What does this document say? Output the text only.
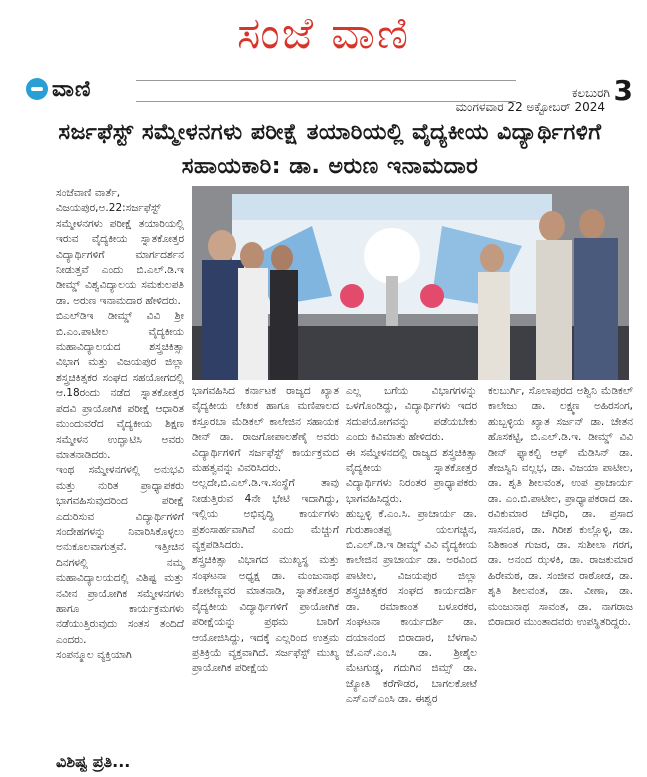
ಸಂಜೆ ವಾಣಿ
ವಾಣಿ	ಕಲಬುರಗಿ 3
ಮಂಗಳವಾರ 22 ಅಕ್ಟೋಬರ್ 2024
ಸರ್ಜಫೆಸ್ಟ್ ಸಮ್ಮೇಳನಗಳು ಪರೀಕ್ಷೆ ತಯಾರಿಯಲ್ಲಿ ವೈದ್ಯಕೀಯ ವಿದ್ಯಾರ್ಥಿಗಳಿಗೆ ಸಹಾಯಕಾರಿ: ಡಾ. ಅರುಣ ಇನಾಮದಾರ
ಸಂಜೆವಾಣಿ ವಾರ್ತೆ,
ವಿಜಯಪುರ,ಅ.22:ಸರ್ಜಫೆಸ್ಟ್ ಸಮ್ಮೇಳನಗಳು ಪರೀಕ್ಷೆ ತಯಾರಿಯಲ್ಲಿ ಇರುವ ವೈದ್ಯಕೀಯ ಸ್ನಾತಕೋತ್ತರ ವಿದ್ಯಾರ್ಥಿಗಳಿಗೆ ಮಾರ್ಗದರ್ಶನ ನೀಡುತ್ತವೆ ಎಂದು ಬಿ.ಎಲ್.ಡಿ.ಇ ಡೀಮ್ಡ್ ವಿಶ್ವವಿದ್ಯಾಲಯ ಸಮಕುಲಪತಿ ಡಾ. ಅರುಣ ಇನಾಮದಾರ ಹೇಳಿದರು.
ಬಿಎಲ್‌ಡಿಇ ಡೀಮ್ಡ್ ವಿವಿ ಶ್ರೀ ಬಿ.ಎಂ.ಪಾಟೀಲ ವೈದ್ಯಕೀಯ ಮಹಾವಿದ್ಯಾಲಯದ ಶಸ್ತ್ರಚಿಕಿತ್ಸಾ ವಿಭಾಗ ಮತ್ತು ವಿಜಯಪುರ ಜಿಲ್ಲಾ ಶಸ್ತ್ರಚಿಕಿತ್ಸಕರ ಸಂಘದ ಸಹಯೋಗದಲ್ಲಿ ಆ.18ರಂದು ನಡೆದ ಸ್ನಾತಕೋತ್ತರ ಪದವಿ ಪ್ರಾಯೋಗಿಕ ಪರೀಕ್ಷೆ ಆಧಾರಿತ ಮುಂದುವರೆದ ವೈದ್ಯಕೀಯ ಶಿಕ್ಷಣ ಸಮ್ಮೇಳನ ಉದ್ಘಾಟಿಸಿ ಅವರು ಮಾತನಾಡಿದರು.
ಇಂಥ ಸಮ್ಮೇಳನಗಳಲ್ಲಿ ಅನುಭವಿ ಮತ್ತು ನುರಿತ ಪ್ರಾಧ್ಯಾಪಕರು ಭಾಗವಹಿಸುವುದರಿಂದ ಪರೀಕ್ಷೆ ಎದುರಿಸುವ ವಿದ್ಯಾರ್ಥಿಗಳಿಗೆ ಸಂದೇಹಗಳನ್ನು ನಿವಾರಿಸಿಕೊಳ್ಳಲು ಅನುಕೂಲವಾಗುತ್ತವೆ. ಇತ್ತೀಚಿನ ದಿನಗಳಲ್ಲಿ ನಮ್ಮ ಮಹಾವಿದ್ಯಾಲಯದಲ್ಲಿ ವಿಶಿಷ್ಟ ಮತ್ತು ನವೀನ ಪ್ರಾಯೋಗಿಕ ಸಮ್ಮೇಳನಗಳು ಹಾಗೂ ಕಾರ್ಯಕ್ರಮಗಳು ನಡೆಯುತ್ತಿರುವುದು ಸಂತಸ ತಂದಿದೆ ಎಂದರು.
ಸಂಪನ್ಮೂಲ ವ್ಯಕ್ತಿಯಾಗಿ
ಭಾಗವಹಿಸಿದ ಕರ್ನಾಟಕ ರಾಜ್ಯದ ಖ್ಯಾತ ವೈದ್ಯಕೀಯ ಲೇಖಕ ಹಾಗೂ ಮಣಿಪಾಲದ ಕಸ್ತೂರಬಾ ಮೆಡಿಕಲ್ ಕಾಲೇಜಿನ ಸಹಾಯಕ ಡೀನ್ ಡಾ. ರಾಜಗೋಪಾಲಶೆಣೈ ಅವರು ವಿದ್ಯಾರ್ಥಿಗಳಿಗೆ ಸರ್ಜಫೆಸ್ಟ್ ಕಾರ್ಯಕ್ರಮದ ಮಹತ್ವವನ್ನು ವಿವರಿಸಿದರು.
ಅಲ್ಲದೇ,ಬಿ.ಎಲ್.ಡಿ.ಇ.ಸಂಸ್ಥೆಗೆ ತಾವು ನೀಡುತ್ತಿರುವ 4ನೇ ಭೇಟಿ ಇದಾಗಿದ್ದು, ಇಲ್ಲಿಯ ಅಭಿವೃದ್ಧಿ ಕಾರ್ಯಗಳು ಪ್ರಶಂಸಾರ್ಹವಾಗಿವೆ ಎಂದು ಮೆಚ್ಚುಗೆ ವ್ಯಕ್ತಪಡಿಸಿದರು.
ಶಸ್ತ್ರಚಿಕಿತ್ಸಾ ವಿಭಾಗದ ಮುಖ್ಯಸ್ಥ ಮತ್ತು ಸಂಘಟನಾ ಅಧ್ಯಕ್ಷ ಡಾ. ಮಂಜುನಾಥ ಕೋಟೆಣ್ಣವರ ಮಾತನಾಡಿ, ಸ್ನಾತಕೋತ್ತರ ವೈದ್ಯಕೀಯ ವಿದ್ಯಾರ್ಥಿಗಳಿಗೆ ಪ್ರಾಯೋಗಿಕ ಪರೀಕ್ಷೆಯನ್ನು ಪ್ರಥಮ ಬಾರಿಗೆ ಆಯೋಜಿಸಿದ್ದು, ಇದಕ್ಕೆ ಎಲ್ಲರಿಂದ ಉತ್ತಮ ಪ್ರತಿಕ್ರಿಯೆ ವ್ಯಕ್ತವಾಗಿದೆ. ಸರ್ಜಫೆಸ್ಟ್ ಮುಖ್ಯ ಪ್ರಾಯೋಗಿಕ ಪರೀಕ್ಷೆಯ
ಎಲ್ಲ ಬಗೆಯ ವಿಭಾಗಗಳನ್ನು ಒಳಗೊಂಡಿದ್ದು, ವಿದ್ಯಾರ್ಥಿಗಳು ಇದರ ಸದುಪಯೋಗವನ್ನು ಪಡೆಯಬೇಕು ಎಂದು ಕಿವಿಮಾತು ಹೇಳಿದರು.
ಈ ಸಮ್ಮೇಳನದಲ್ಲಿ ರಾಜ್ಯದ ಶಸ್ತ್ರಚಿಕಿತ್ಸಾ ವೈದ್ಯಕೀಯ ಸ್ನಾತಕೋತ್ತರ ವಿದ್ಯಾರ್ಥಿಗಳು ನಿರಂತರ ಪ್ರಾಧ್ಯಾಪಕರು ಭಾಗವಹಿಸಿದ್ದರು.
ಹುಬ್ಬಳ್ಳಿ ಕೆ.ಎಂ.ಸಿ. ಪ್ರಾಚಾರ್ಯ ಡಾ. ಗುರುಶಾಂತಪ್ಪ ಯಲಗಚ್ಚಿನ, ಬಿ.ಎಲ್.ಡಿ.ಇ ಡೀಮ್ಡ್ ವಿವಿ ವೈದ್ಯಕೀಯ ಕಾಲೇಜಿನ ಪ್ರಾಚಾರ್ಯ ಡಾ. ಅರವಿಂದ ಪಾಟೀಲ, ವಿಜಯಪುರ ಜಿಲ್ಲಾ ಶಸ್ತ್ರಚಿಕಿತ್ಸಕರ ಸಂಘದ ಕಾರ್ಯದರ್ಶಿ ಡಾ. ರಮಾಕಾಂತ ಬಳೂರಕರ, ಸಂಘಟನಾ ಕಾರ್ಯದರ್ಶಿ ಡಾ. ದಯಾನಂದ ಬಿರಾದಾರ, ಬೆಳಗಾವಿ ಜೆ.ಎನ್.ಎಂ.ಸಿ ಡಾ. ಶ್ರೀಶೈಲ ಮೆಟಗುಡ್ಡ, ಗದುಗಿನ ಜಿಮ್ಸ್ ಡಾ. ಜ್ಯೋತಿ ಕರೆಗೌಡರ, ಬಾಗಲಕೋಟೆ ಎಸ್‌ಎನ್‌ಎಂಸಿ ಡಾ. ಈಶ್ವರ
ಕಲಬುರ್ಗಿ, ಸೊಲಾಪುರದ ಅಶ್ವಿನಿ ಮೆಡಿಕಲ್ ಕಾಲೇಜು ಡಾ. ಲಕ್ಷ್ಮಣ ಅಹಿರಸಂಗ, ಹುಬ್ಬಳ್ಳಿಯ ಖ್ಯಾತ ಸರ್ಜನ್ ಡಾ. ಚೇತನ ಹೊಸಕಟ್ಟಿ, ಬಿ.ಎಲ್.ಡಿ.ಇ. ಡೀಮ್ಡ್ ವಿವಿ ಡೀನ್ ಫ್ಯಾಕಲ್ಟಿ ಆಫ್ ಮೆಡಿಸಿನ್ ಡಾ. ತೇಜಸ್ವಿನಿ ವಲ್ಲಭ, ಡಾ. ವಿಜಯಾ ಪಾಟೀಲ, ಡಾ. ಶೃತಿ ಶೀಲವಂತ, ಉಪ ಪ್ರಾಚಾರ್ಯ ಡಾ. ಎಂ.ಬಿ.ಪಾಟೀಲ, ಪ್ರಾಧ್ಯಾಪಕರಾದ ಡಾ. ರವಿಕುಮಾರ ಚೌಧರಿ, ಡಾ. ಪ್ರಸಾದ ಸಾಸನೂರ, ಡಾ. ಗಿರೀಶ ಕುಲ್ಲೊಳ್ಳಿ, ಡಾ. ನಿಶಿಕಾಂತ ಗುಜರ, ಡಾ. ಸುಶೀಲಾ ಗರಗ, ಡಾ. ಅನಂದ ಝಳಕಿ, ಡಾ. ರಾಜಕುಮಾರ ಹಿರೇಮಠ, ಡಾ. ಸಂಜೀವ ರಾಠೋಡ, ಡಾ. ಶೃತಿ ಶೀಲವಂತ, ಡಾ. ವೀಣಾ, ಡಾ. ಮಂಜುನಾಥ ಸಾವಂತ, ಡಾ. ನಾಗರಾಜ ಬಿರಾದಾರ ಮುಂತಾದವರು ಉಪಸ್ಥಿತರಿದ್ದರು.
ವಿಶಿಷ್ಟ ಪ್ರತಿ...
